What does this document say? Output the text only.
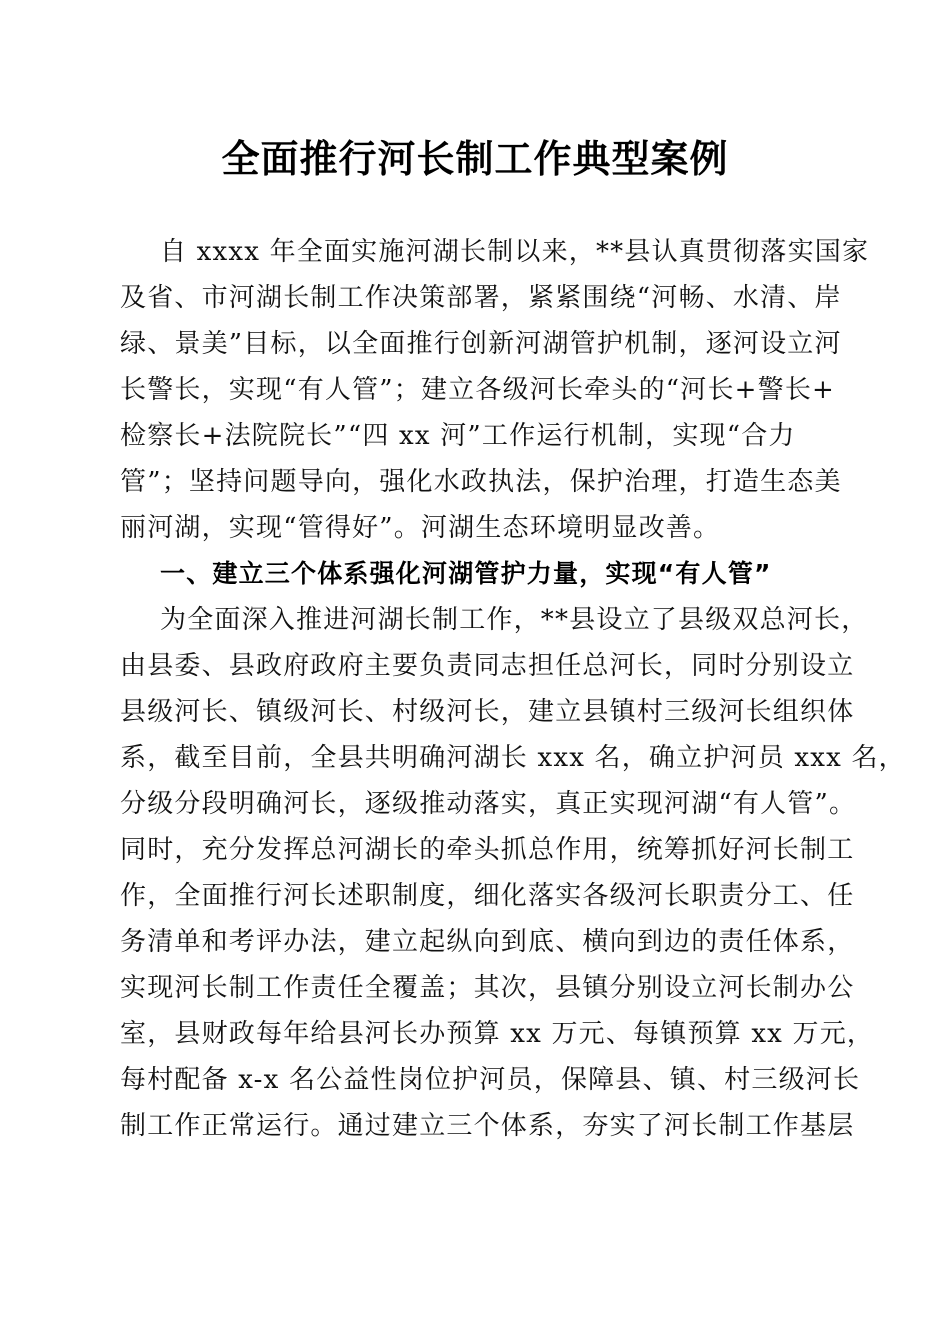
全面推行河长制工作典型案例
自 xxxx 年全面实施河湖长制以来，**县认真贯彻落实国家
及省、市河湖长制工作决策部署，紧紧围绕“河畅、水清、岸
绿、景美”目标，以全面推行创新河湖管护机制，逐河设立河
长警长，实现“有人管”；建立各级河长牵头的“河长+警长+
检察长+法院院长”“四 xx 河”工作运行机制，实现“合力
管”；坚持问题导向，强化水政执法，保护治理，打造生态美
丽河湖，实现“管得好”。河湖生态环境明显改善。
一、建立三个体系强化河湖管护力量，实现“有人管”
为全面深入推进河湖长制工作，**县设立了县级双总河长，
由县委、县政府政府主要负责同志担任总河长，同时分别设立
县级河长、镇级河长、村级河长，建立县镇村三级河长组织体
系，截至目前，全县共明确河湖长 xxx 名，确立护河员 xxx 名，
分级分段明确河长，逐级推动落实，真正实现河湖“有人管”。
同时，充分发挥总河湖长的牵头抓总作用，统筹抓好河长制工
作，全面推行河长述职制度，细化落实各级河长职责分工、任
务清单和考评办法，建立起纵向到底、横向到边的责任体系，
实现河长制工作责任全覆盖；其次，县镇分别设立河长制办公
室，县财政每年给县河长办预算 xx 万元、每镇预算 xx 万元，
每村配备 x-x 名公益性岗位护河员，保障县、镇、村三级河长
制工作正常运行。通过建立三个体系，夯实了河长制工作基层
